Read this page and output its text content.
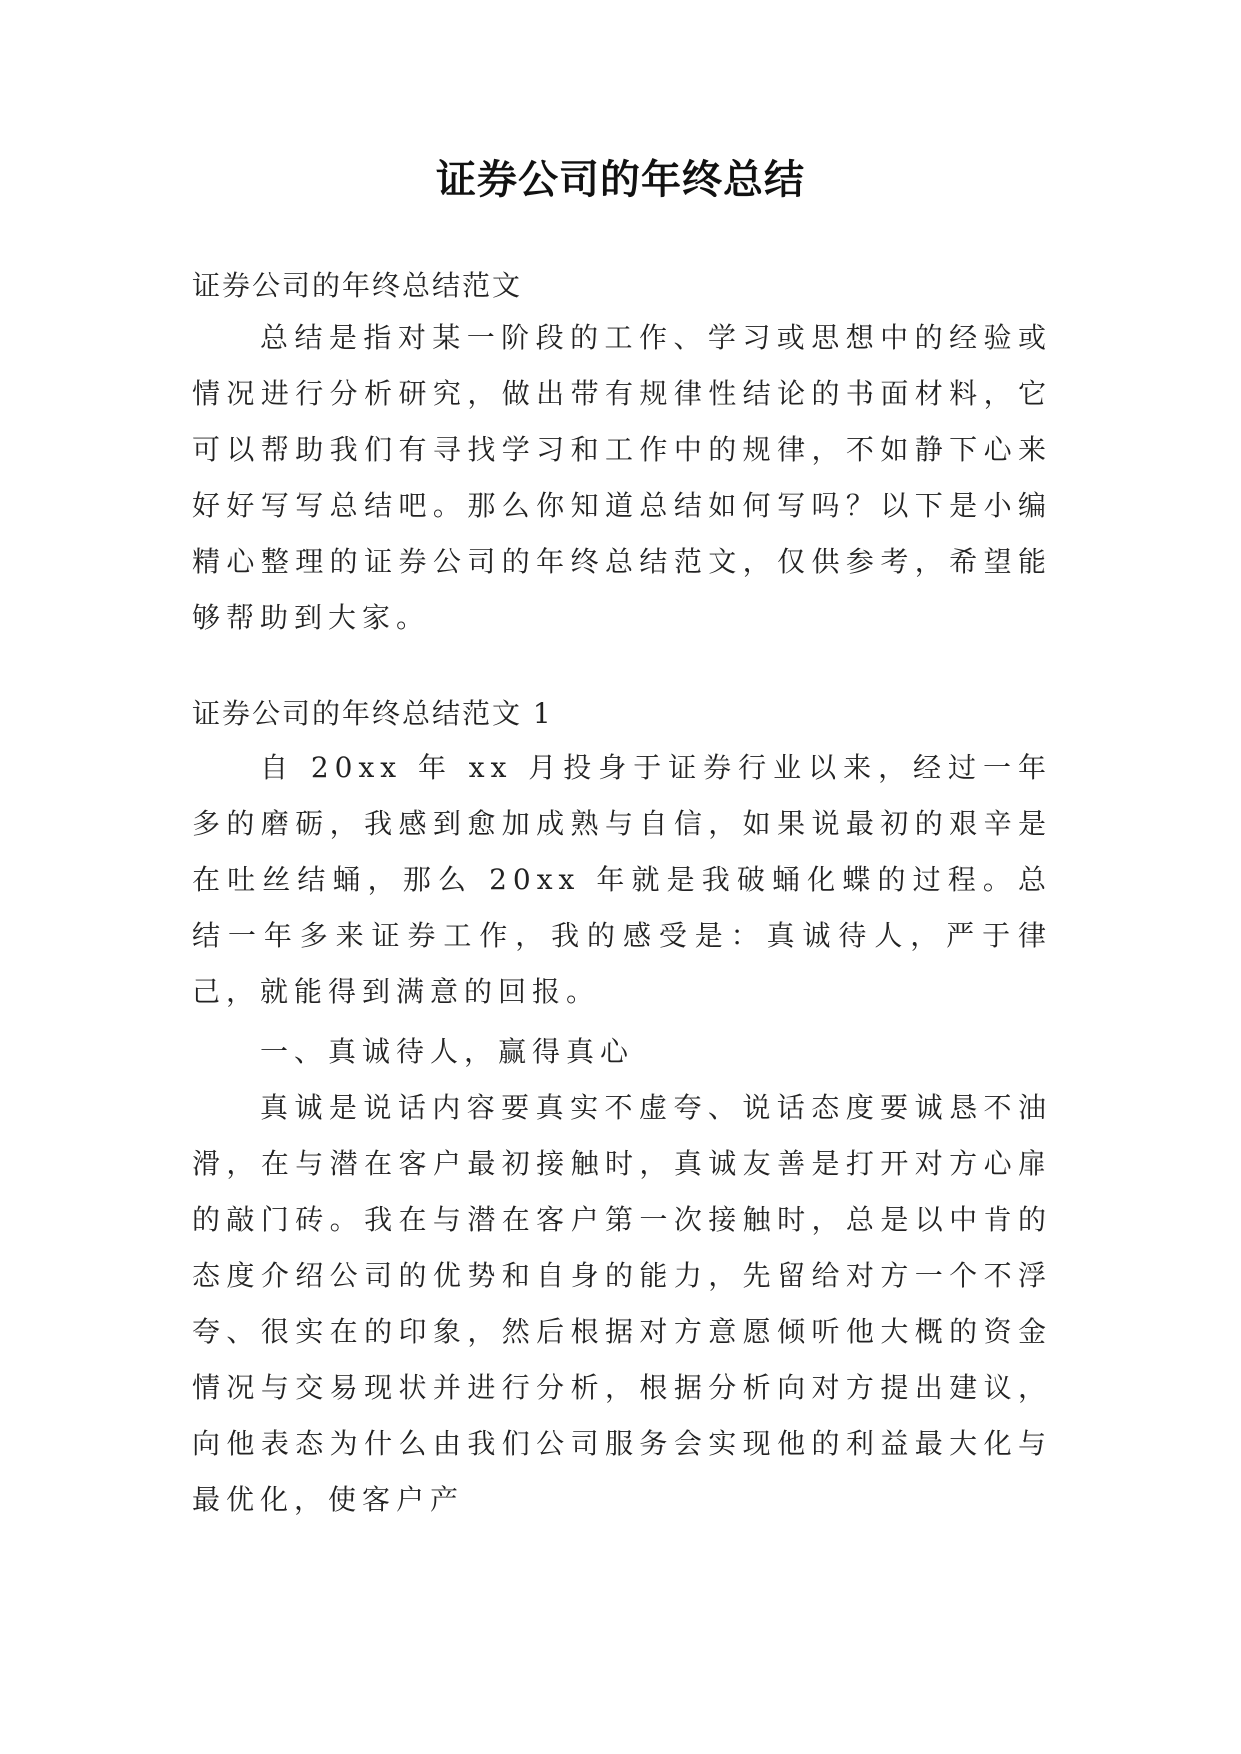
证券公司的年终总结
证券公司的年终总结范文
总结是指对某一阶段的工作、学习或思想中的经验或情况进行分析研究，做出带有规律性结论的书面材料，它可以帮助我们有寻找学习和工作中的规律，不如静下心来好好写写总结吧。那么你知道总结如何写吗？以下是小编精心整理的证券公司的年终总结范文，仅供参考，希望能够帮助到大家。
证券公司的年终总结范文 1
自 20xx 年 xx 月投身于证券行业以来，经过一年多的磨砺，我感到愈加成熟与自信，如果说最初的艰辛是在吐丝结蛹，那么 20xx 年就是我破蛹化蝶的过程。总结一年多来证券工作，我的感受是：真诚待人，严于律己，就能得到满意的回报。
一、真诚待人，赢得真心
真诚是说话内容要真实不虚夸、说话态度要诚恳不油滑，在与潜在客户最初接触时，真诚友善是打开对方心扉的敲门砖。我在与潜在客户第一次接触时，总是以中肯的态度介绍公司的优势和自身的能力，先留给对方一个不浮夸、很实在的印象，然后根据对方意愿倾听他大概的资金情况与交易现状并进行分析，根据分析向对方提出建议，向他表态为什么由我们公司服务会实现他的利益最大化与最优化，使客户产
